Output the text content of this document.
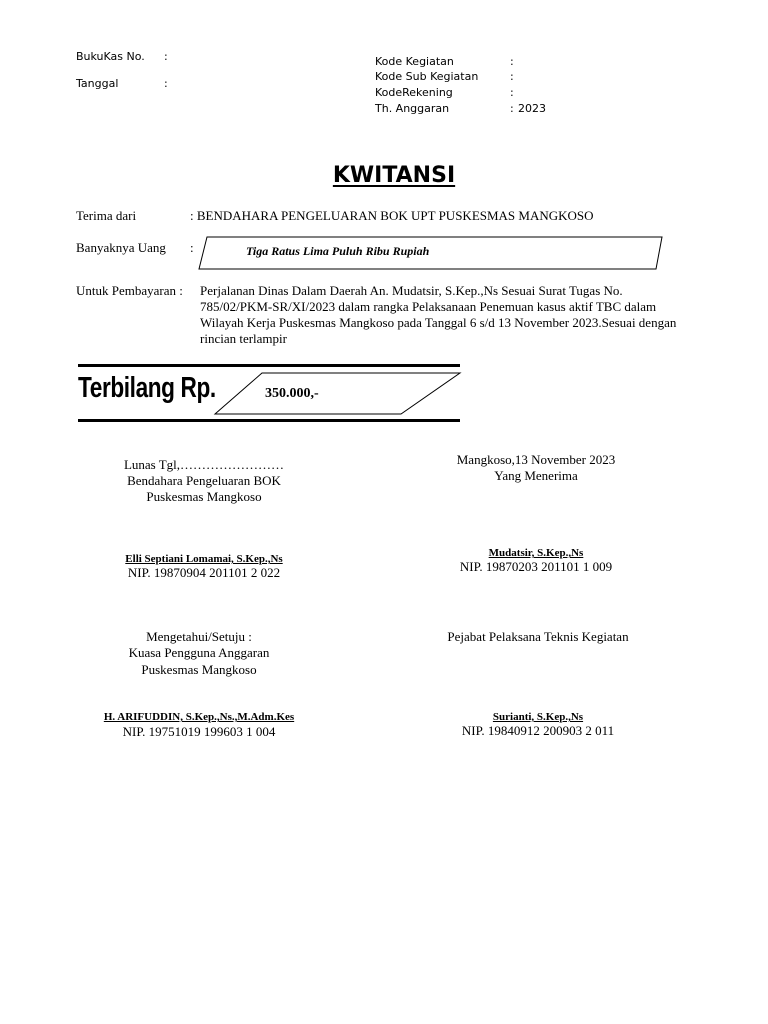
BukuKas No. :
Tanggal	:
Kode Kegiatan	:
Kode Sub Kegiatan	:
KodeRekening	:
Th. Anggaran	: 2023
KWITANSI
Terima dari	: BENDAHARA PENGELUARAN BOK UPT PUSKESMAS MANGKOSO
Banyaknya Uang :	Tiga Ratus Lima Puluh Ribu Rupiah
Untuk Pembayaran : Perjalanan Dinas Dalam Daerah An. Mudatsir, S.Kep.,Ns Sesuai Surat Tugas No. 785/02/PKM-SR/XI/2023 dalam rangka Pelaksanaan Penemuan kasus aktif TBC dalam Wilayah Kerja Puskesmas Mangkoso pada Tanggal 6 s/d 13 November 2023.Sesuai dengan rincian terlampir
Terbilang Rp.	350.000,-
Lunas Tgl,……………………
Bendahara Pengeluaran BOK
Puskesmas Mangkoso
Elli Septiani Lomamai, S.Kep.,Ns
NIP. 19870904 201101 2 022
Mangkoso,13 November 2023
Yang Menerima
Mudatsir, S.Kep.,Ns
NIP. 19870203 201101 1 009
Mengetahui/Setuju :
Kuasa Pengguna Anggaran
Puskesmas Mangkoso
H. ARIFUDDIN, S.Kep.,Ns.,M.Adm.Kes
NIP. 19751019 199603 1 004
Pejabat Pelaksana Teknis Kegiatan
Surianti, S.Kep.,Ns
NIP. 19840912 200903 2 011
